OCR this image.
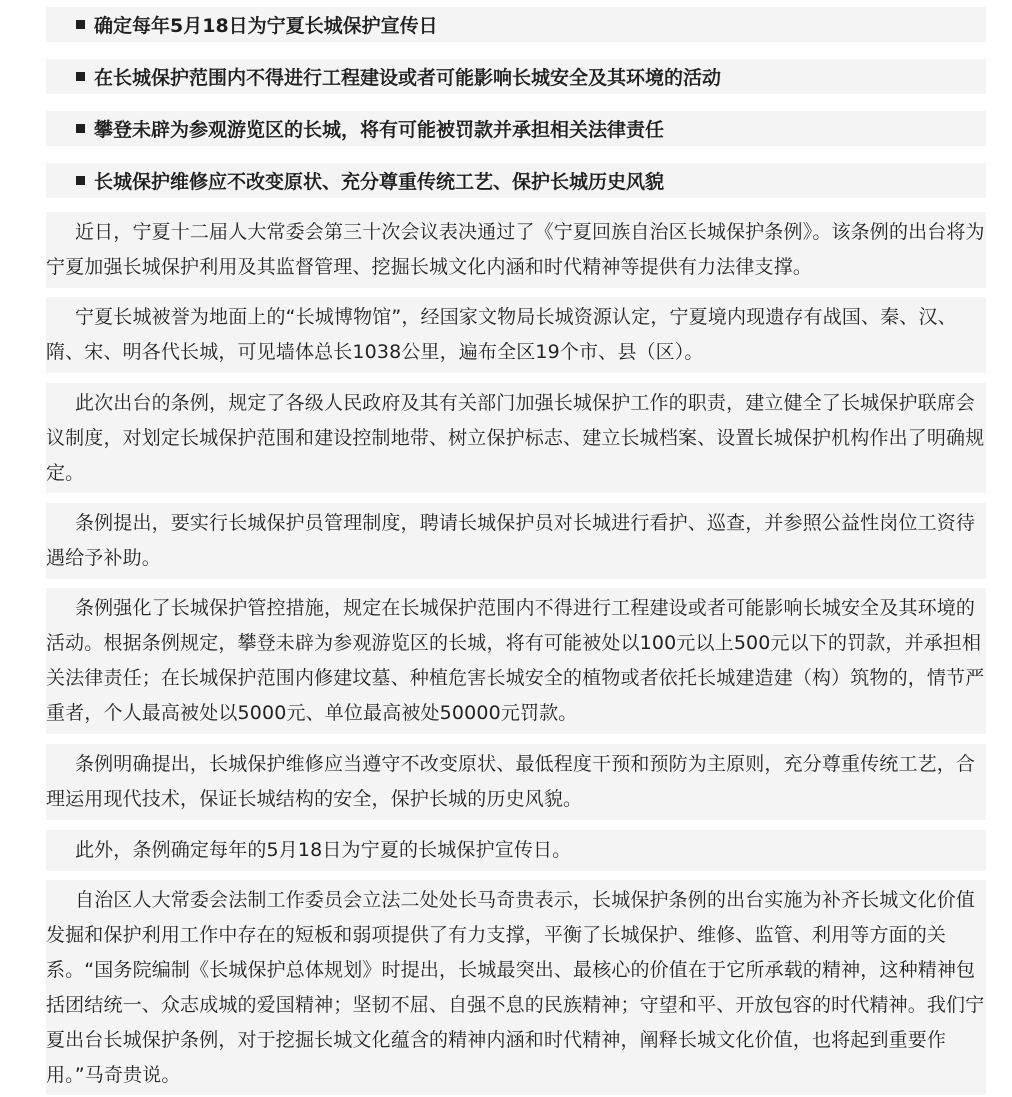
确定每年5月18日为宁夏长城保护宣传日
在长城保护范围内不得进行工程建设或者可能影响长城安全及其环境的活动
攀登未辟为参观游览区的长城，将有可能被罚款并承担相关法律责任
长城保护维修应不改变原状、充分尊重传统工艺、保护长城历史风貌

近日，宁夏十二届人大常委会第三十次会议表决通过了《宁夏回族自治区长城保护条例》。该条例的出台将为宁夏加强长城保护利用及其监督管理、挖掘长城文化内涵和时代精神等提供有力法律支撑。

宁夏长城被誉为地面上的“长城博物馆”，经国家文物局长城资源认定，宁夏境内现遗存有战国、秦、汉、隋、宋、明各代长城，可见墙体总长1038公里，遍布全区19个市、县（区）。

此次出台的条例，规定了各级人民政府及其有关部门加强长城保护工作的职责，建立健全了长城保护联席会议制度，对划定长城保护范围和建设控制地带、树立保护标志、建立长城档案、设置长城保护机构作出了明确规定。

条例提出，要实行长城保护员管理制度，聘请长城保护员对长城进行看护、巡查，并参照公益性岗位工资待遇给予补助。

条例强化了长城保护管控措施，规定在长城保护范围内不得进行工程建设或者可能影响长城安全及其环境的活动。根据条例规定，攀登未辟为参观游览区的长城，将有可能被处以100元以上500元以下的罚款，并承担相关法律责任；在长城保护范围内修建坟墓、种植危害长城安全的植物或者依托长城建造建（构）筑物的，情节严重者，个人最高被处以5000元、单位最高被处50000元罚款。

条例明确提出，长城保护维修应当遵守不改变原状、最低程度干预和预防为主原则，充分尊重传统工艺，合理运用现代技术，保证长城结构的安全，保护长城的历史风貌。

此外，条例确定每年的5月18日为宁夏的长城保护宣传日。

自治区人大常委会法制工作委员会立法二处处长马奇贵表示，长城保护条例的出台实施为补齐长城文化价值发掘和保护利用工作中存在的短板和弱项提供了有力支撑，平衡了长城保护、维修、监管、利用等方面的关系。“国务院编制《长城保护总体规划》时提出，长城最突出、最核心的价值在于它所承载的精神，这种精神包括团结统一、众志成城的爱国精神；坚韧不屈、自强不息的民族精神；守望和平、开放包容的时代精神。我们宁夏出台长城保护条例，对于挖掘长城文化蕴含的精神内涵和时代精神，阐释长城文化价值，也将起到重要作用。”马奇贵说。
